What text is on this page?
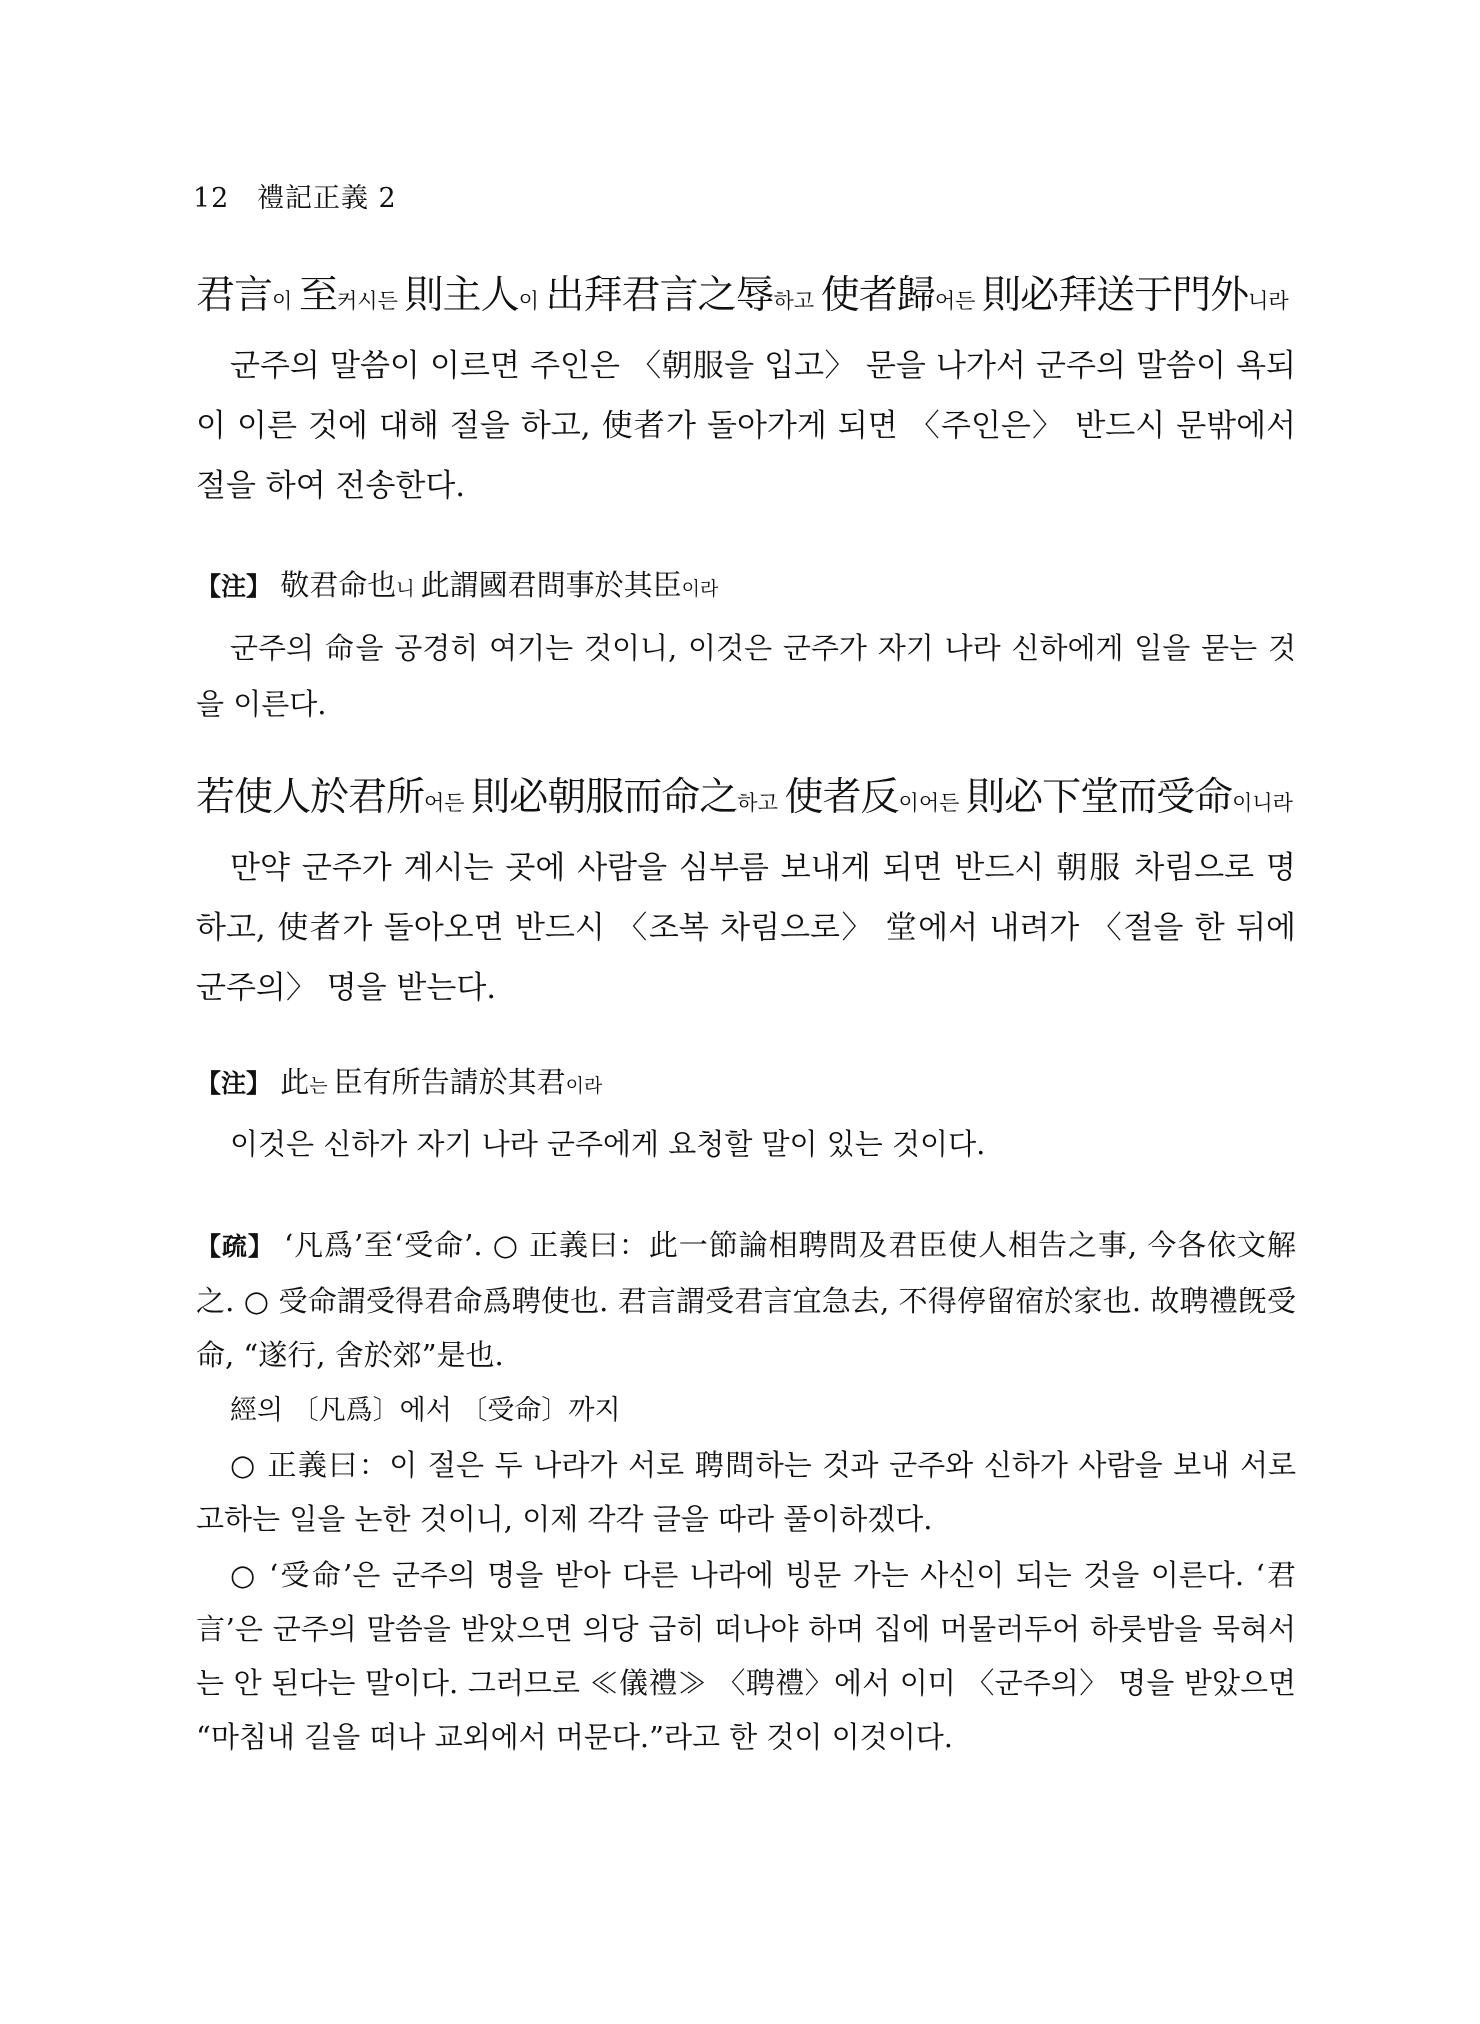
12 禮記正義 2
君言이 至커시든 則主人이 出拜君言之辱하고 使者歸어든 則必拜送于門外니라

군주의 말씀이 이르면 주인은 〈朝服을 입고〉 문을 나가서 군주의 말씀이 욕되이 이른 것에 대해 절을 하고, 使者가 돌아가게 되면 〈주인은〉 반드시 문밖에서 절을 하여 전송한다.

【注】 敬君命也니 此謂國君問事於其臣이라

군주의 命을 공경히 여기는 것이니, 이것은 군주가 자기 나라 신하에게 일을 묻는 것을 이른다.

若使人於君所어든 則必朝服而命之하고 使者反이어든 則必下堂而受命이니라

만약 군주가 계시는 곳에 사람을 심부름 보내게 되면 반드시 朝服 차림으로 명하고, 使者가 돌아오면 반드시 〈조복 차림으로〉 堂에서 내려가 〈절을 한 뒤에 군주의〉 명을 받는다.

【注】 此는 臣有所告請於其君이라

이것은 신하가 자기 나라 군주에게 요청할 말이 있는 것이다.

【疏】 ‘凡爲’至‘受命’. ○ 正義曰：此一節論相聘問及君臣使人相告之事, 今各依文解之. ○ 受命謂受得君命爲聘使也. 君言謂受君言宜急去, 不得停留宿於家也. 故聘禮旣受命, “遂行, 舍於郊”是也.
經의 〔凡爲〕에서 〔受命〕까지

○ 正義曰：이 절은 두 나라가 서로 聘問하는 것과 군주와 신하가 사람을 보내 서로 고하는 일을 논한 것이니, 이제 각각 글을 따라 풀이하겠다.

○ ‘受命’은 군주의 명을 받아 다른 나라에 빙문 가는 사신이 되는 것을 이른다. ‘君言’은 군주의 말씀을 받았으면 의당 급히 떠나야 하며 집에 머물러두어 하룻밤을 묵혀서는 안 된다는 말이다. 그러므로 ≪儀禮≫ 〈聘禮〉에서 이미 〈군주의〉 명을 받았으면 “마침내 길을 떠나 교외에서 머문다.”라고 한 것이 이것이다.
